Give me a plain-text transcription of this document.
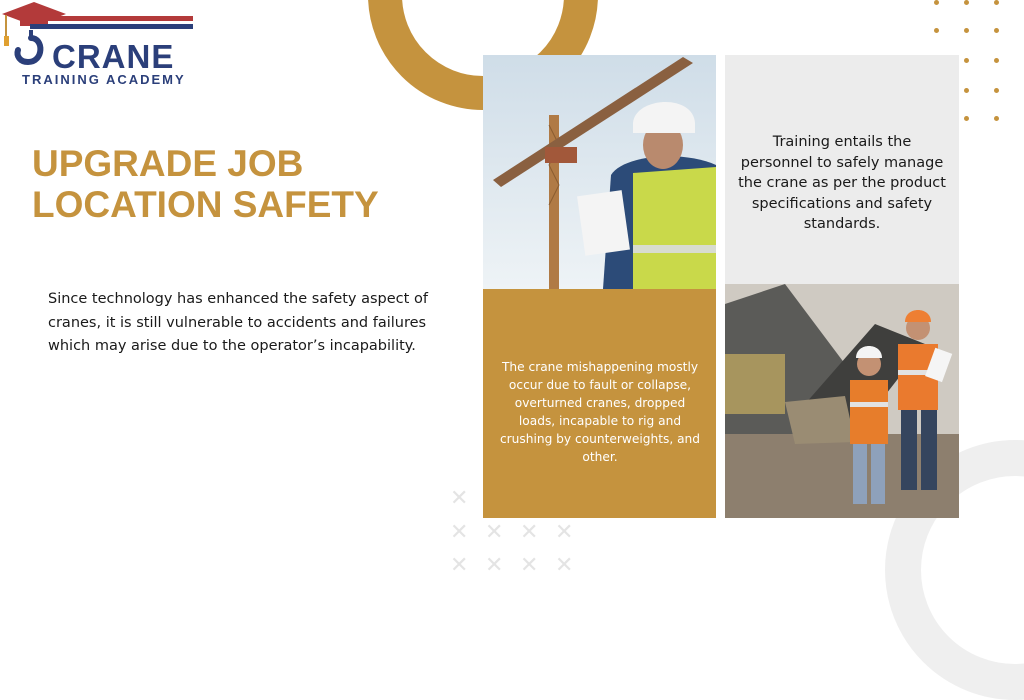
✕
✕ ✕ ✕ ✕
✕ ✕ ✕ ✕
CRANE
TRAINING ACADEMY
UPGRADE JOB
LOCATION SAFETY
Since technology has enhanced the safety aspect of cranes, it is still vulnerable to accidents and failures which may arise due to the operator’s incapability.
The crane mishappening mostly occur due to fault or collapse, overturned cranes, dropped loads, incapable to rig and crushing by counterweights, and other.
Training entails the personnel to safely manage the crane as per the product specifications and safety standards.
